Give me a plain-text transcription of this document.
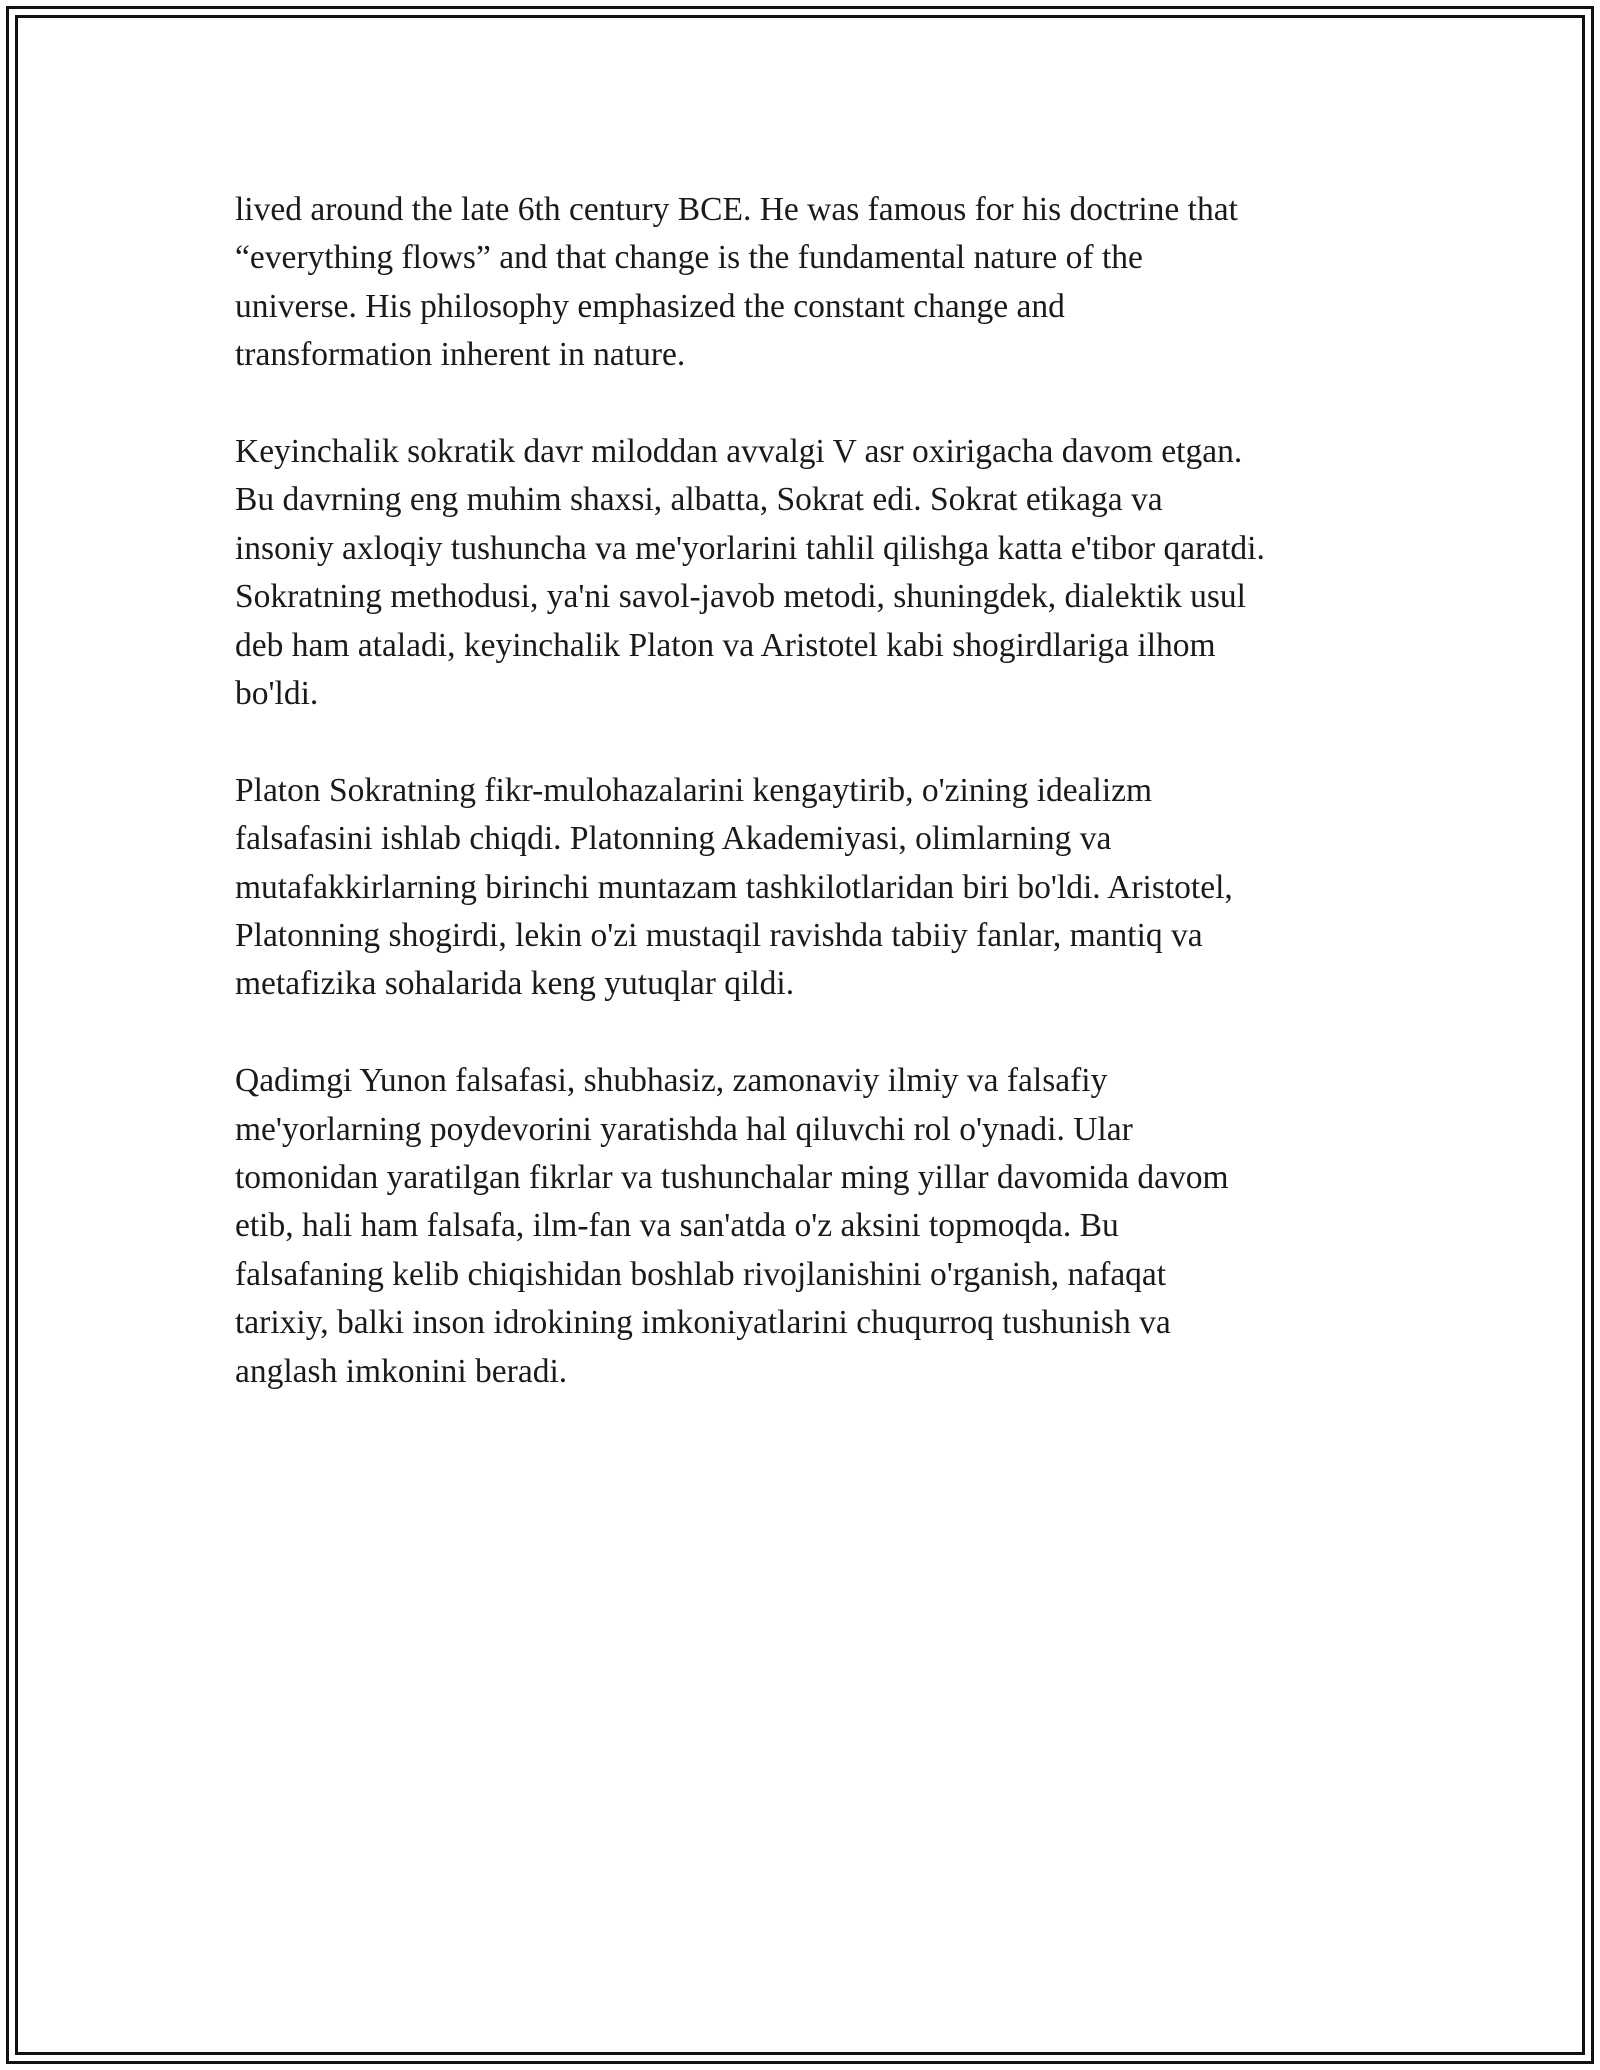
lived around the late 6th century BCE. He was famous for his doctrine that
“everything flows” and that change is the fundamental nature of the
universe. His philosophy emphasized the constant change and
transformation inherent in nature.

Keyinchalik sokratik davr miloddan avvalgi V asr oxirigacha davom etgan.
Bu davrning eng muhim shaxsi, albatta, Sokrat edi. Sokrat etikaga va
insoniy axloqiy tushuncha va me'yorlarini tahlil qilishga katta e'tibor qaratdi.
Sokratning methodusi, ya'ni savol-javob metodi, shuningdek, dialektik usul
deb ham ataladi, keyinchalik Platon va Aristotel kabi shogirdlariga ilhom
bo'ldi.

Platon Sokratning fikr-mulohazalarini kengaytirib, o'zining idealizm
falsafasini ishlab chiqdi. Platonning Akademiyasi, olimlarning va
mutafakkirlarning birinchi muntazam tashkilotlaridan biri bo'ldi. Aristotel,
Platonning shogirdi, lekin o'zi mustaqil ravishda tabiiy fanlar, mantiq va
metafizika sohalarida keng yutuqlar qildi.

Qadimgi Yunon falsafasi, shubhasiz, zamonaviy ilmiy va falsafiy
me'yorlarning poydevorini yaratishda hal qiluvchi rol o'ynadi. Ular
tomonidan yaratilgan fikrlar va tushunchalar ming yillar davomida davom
etib, hali ham falsafa, ilm-fan va san'atda o'z aksini topmoqda. Bu
falsafaning kelib chiqishidan boshlab rivojlanishini o'rganish, nafaqat
tarixiy, balki inson idrokining imkoniyatlarini chuqurroq tushunish va
anglash imkonini beradi.
